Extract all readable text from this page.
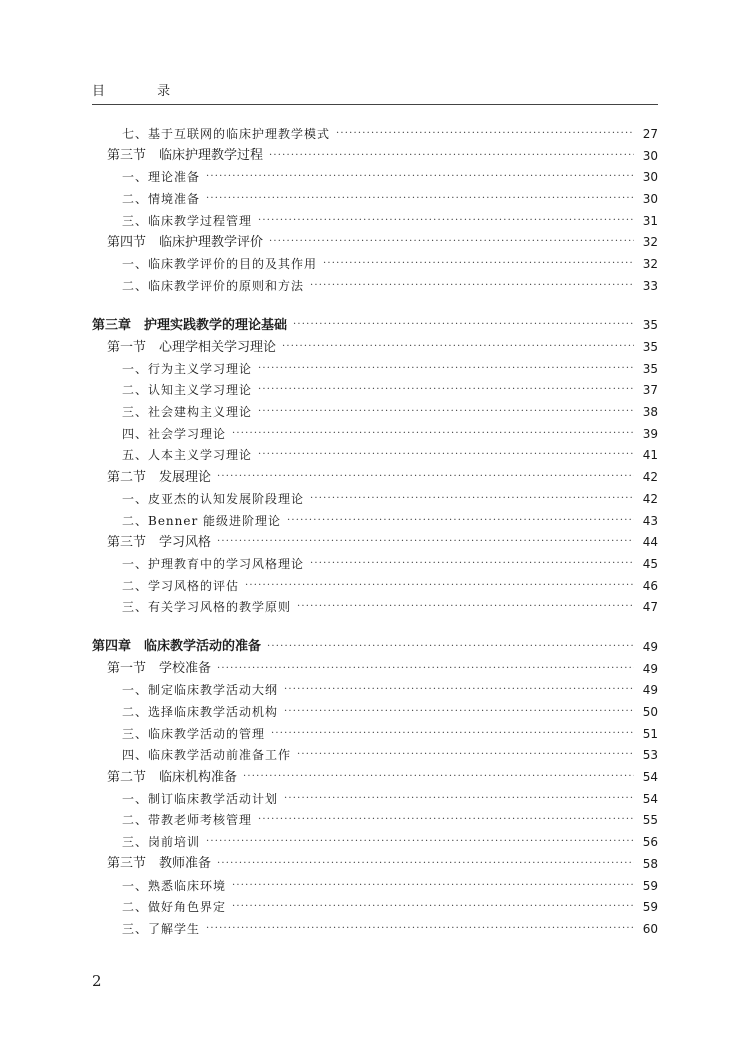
目 录
七、基于互联网的临床护理教学模式 ·····	27
第三节　临床护理教学过程 ·····	30
一、理论准备 ·····	30
二、情境准备 ·····	30
三、临床教学过程管理 ·····	31
第四节　临床护理教学评价 ·····	32
一、临床教学评价的目的及其作用 ·····	32
二、临床教学评价的原则和方法 ·····	33
第三章　护理实践教学的理论基础 ·····	35
第一节　心理学相关学习理论 ·····	35
一、行为主义学习理论 ·····	35
二、认知主义学习理论 ·····	37
三、社会建构主义理论 ·····	38
四、社会学习理论 ·····	39
五、人本主义学习理论 ·····	41
第二节　发展理论 ·····	42
一、皮亚杰的认知发展阶段理论 ·····	42
二、Benner 能级进阶理论 ·····	43
第三节　学习风格 ·····	44
一、护理教育中的学习风格理论 ·····	45
二、学习风格的评估 ·····	46
三、有关学习风格的教学原则 ·····	47
第四章　临床教学活动的准备 ·····	49
第一节　学校准备 ·····	49
一、制定临床教学活动大纲 ·····	49
二、选择临床教学活动机构 ·····	50
三、临床教学活动的管理 ·····	51
四、临床教学活动前准备工作 ·····	53
第二节　临床机构准备 ·····	54
一、制订临床教学活动计划 ·····	54
二、带教老师考核管理 ·····	55
三、岗前培训 ·····	56
第三节　教师准备 ·····	58
一、熟悉临床环境 ·····	59
二、做好角色界定 ·····	59
三、了解学生 ·····	60
2
